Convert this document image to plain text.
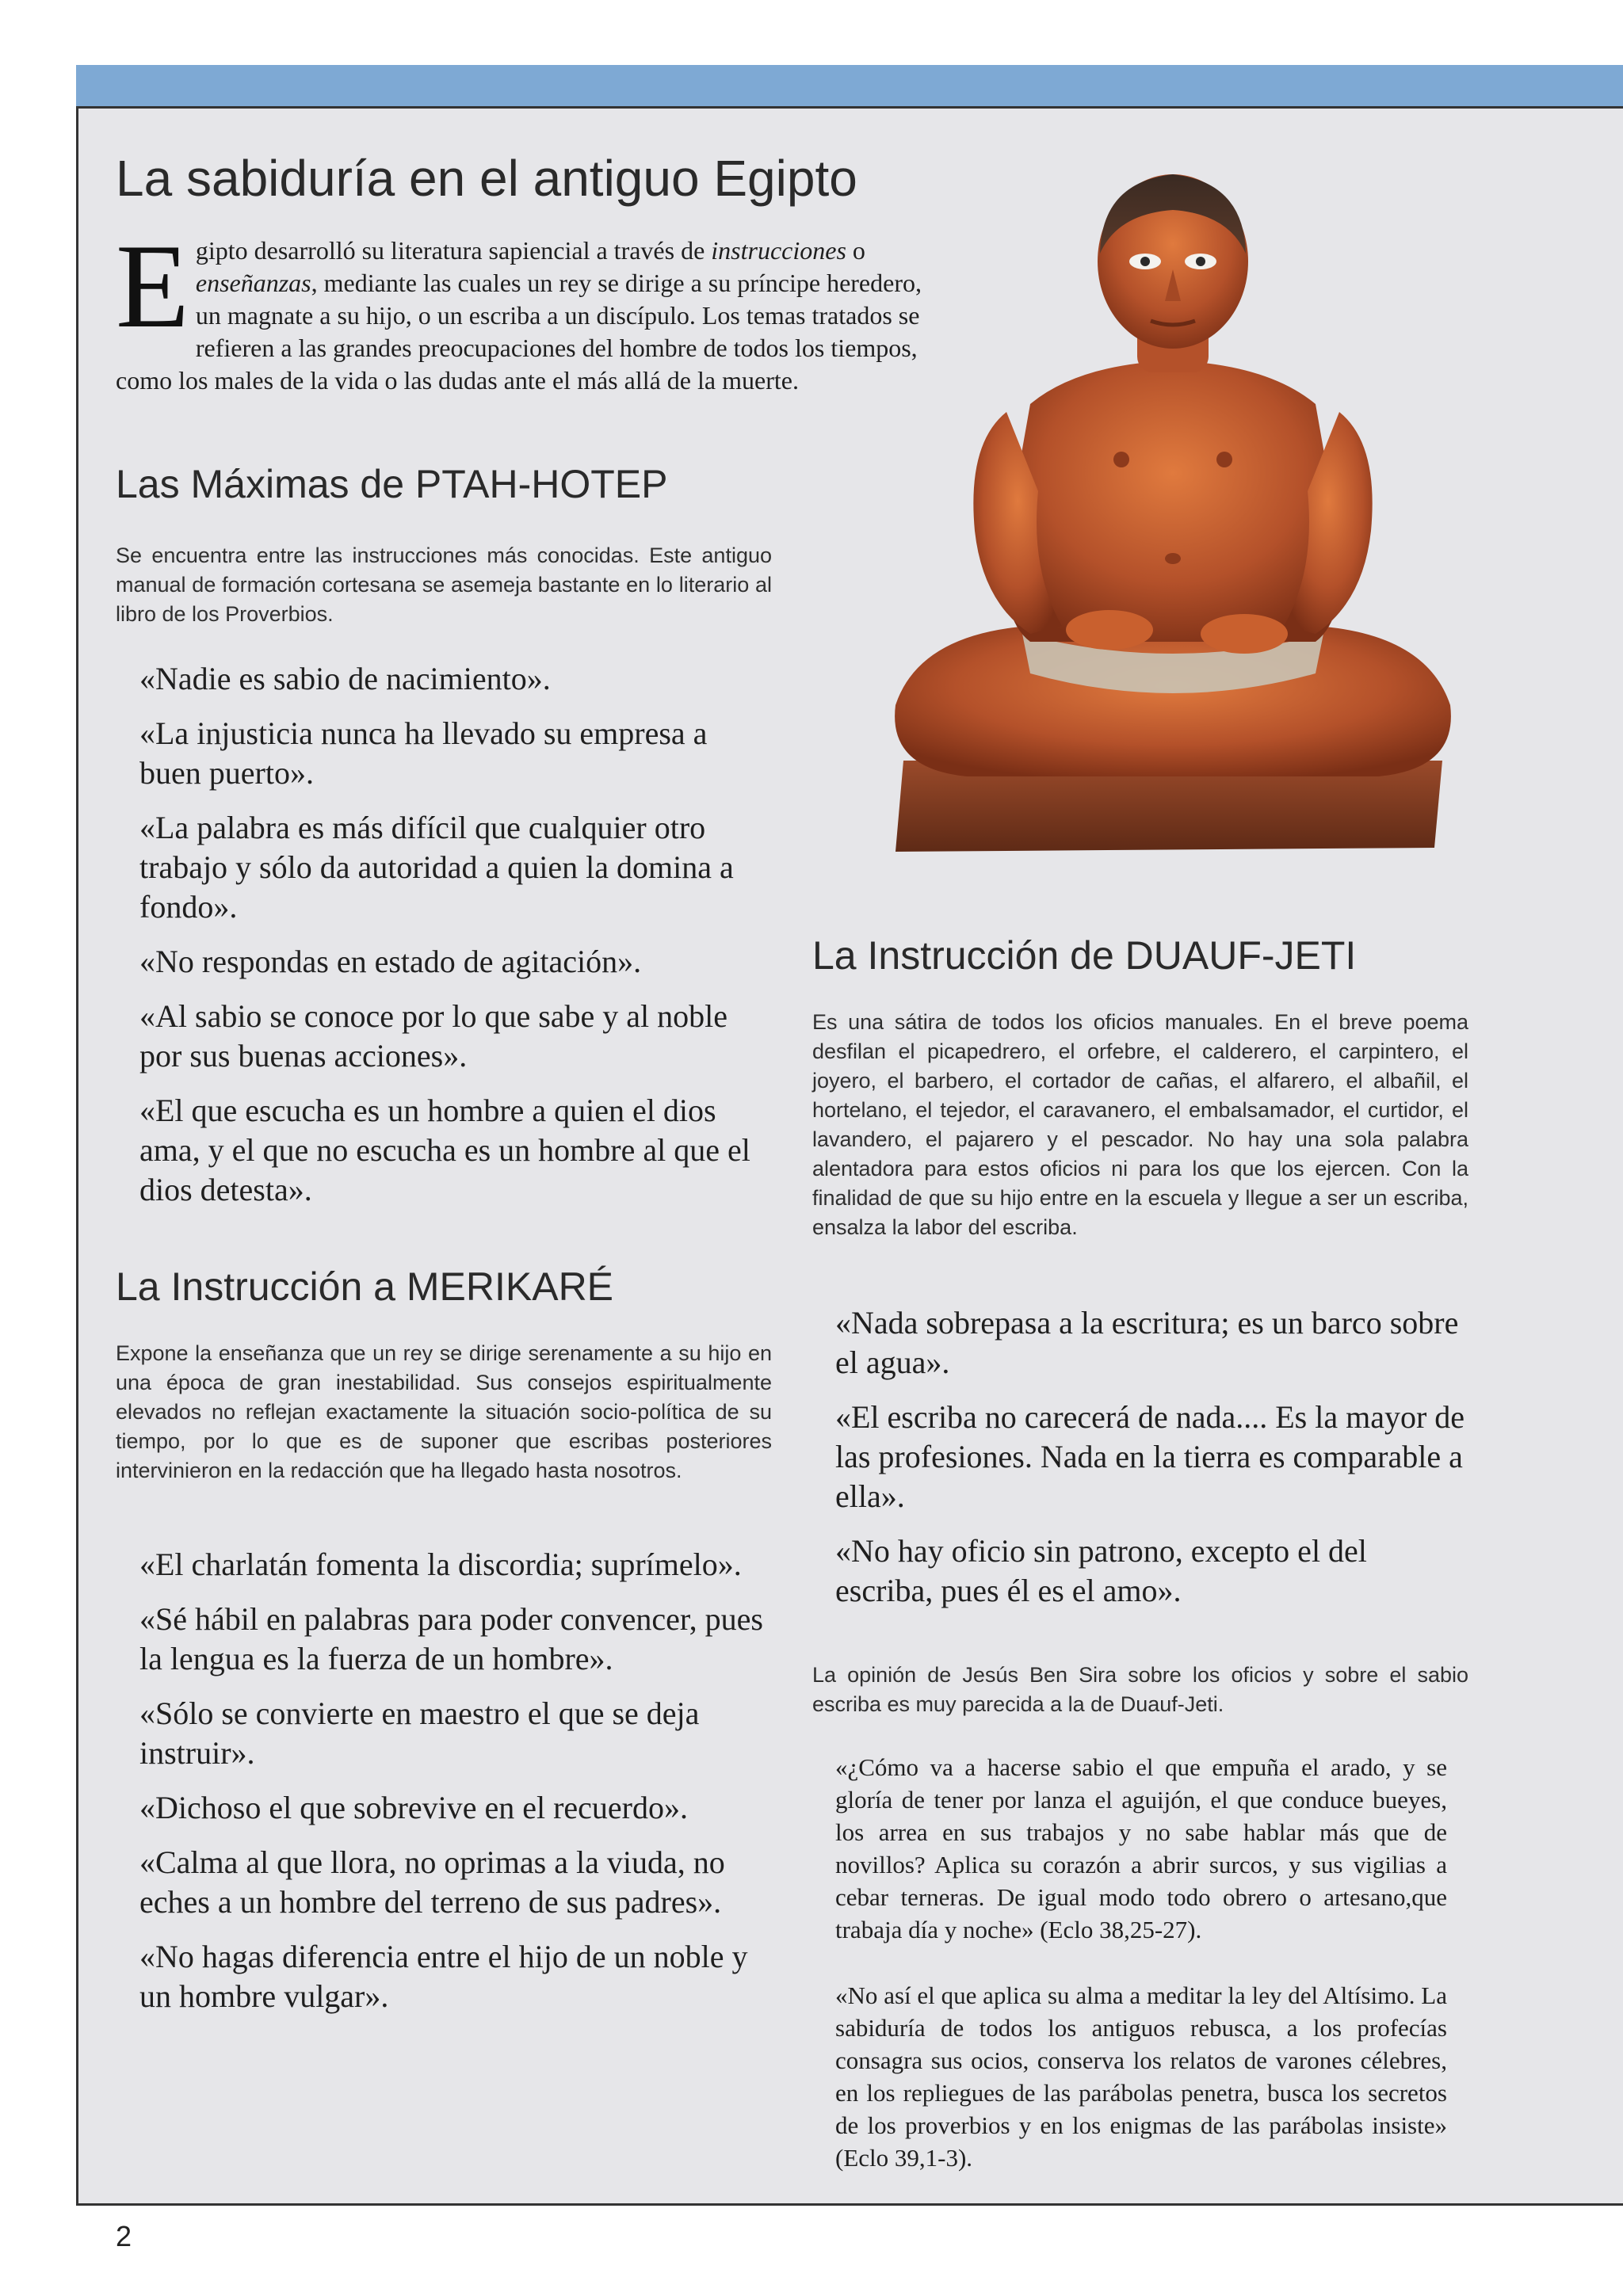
La sabiduría en el antiguo Egipto

Egipto desarrolló su literatura sapiencial a través de instrucciones o enseñanzas, mediante las cuales un rey se dirige a su príncipe heredero, un magnate a su hijo, o un escriba a un discípulo. Los temas tratados se refieren a las grandes preocupaciones del hombre de todos los tiempos, como los males de la vida o las dudas ante el más allá de la muerte.

Las Máximas de PTAH-HOTEP

Se encuentra entre las instrucciones más conocidas. Este antiguo manual de formación cortesana se asemeja bastante en lo literario al libro de los Proverbios.

«Nadie es sabio de nacimiento».
«La injusticia nunca ha llevado su empresa a buen puerto».
«La palabra es más difícil que cualquier otro trabajo y sólo da autoridad a quien la domina a fondo».
«No respondas en estado de agitación».
«Al sabio se conoce por lo que sabe y al noble por sus buenas acciones».
«El que escucha es un hombre a quien el dios ama, y el que no escucha es un hombre al que el dios detesta».
La Instrucción a MERIKARÉ

Expone la enseñanza que un rey se dirige serenamente a su hijo en una época de gran inestabilidad. Sus consejos espiritualmente elevados no reflejan exactamente la situación socio-política de su tiempo, por lo que es de suponer que escribas posteriores intervinieron en la redacción que ha llegado hasta nosotros.

«El charlatán fomenta la discordia; suprímelo».
«Sé hábil en palabras para poder convencer, pues la lengua es la fuerza de un hombre».
«Sólo se convierte en maestro el que se deja instruir».
«Dichoso el que sobrevive en el recuerdo».
«Calma al que llora, no oprimas a la viuda, no eches a un hombre del terreno de sus padres».
«No hagas diferencia entre el hijo de un noble y un hombre vulgar».
La Instrucción de DUAUF-JETI

Es una sátira de todos los oficios manuales. En el breve poema desfilan el picapedrero, el orfebre, el calderero, el carpintero, el joyero, el barbero, el cortador de cañas, el alfarero, el albañil, el hortelano, el tejedor, el caravanero, el embalsamador, el curtidor, el lavandero, el pajarero y el pescador. No hay una sola palabra alentadora para estos oficios ni para los que los ejercen. Con la finalidad de que su hijo entre en la escuela y llegue a ser un escriba, ensalza la labor del escriba.

«Nada sobrepasa a la escritura; es un barco sobre el agua».
«El escriba no carecerá de nada.... Es la mayor de las profesiones. Nada en la tierra es comparable a ella».
«No hay oficio sin patrono, excepto el del escriba, pues él es el amo».

La opinión de Jesús Ben Sira sobre los oficios y sobre el sabio escriba es muy parecida a la de Duauf-Jeti.

«¿Cómo va a hacerse sabio el que empuña el arado, y se gloría de tener por lanza el aguijón, el que conduce bueyes, los arrea en sus trabajos y no sabe hablar más que de novillos? Aplica su corazón a abrir surcos, y sus vigilias a cebar terneras. De igual modo todo obrero o artesano,que trabaja día y noche» (Eclo 38,25-27).

«No así el que aplica su alma a meditar la ley del Altísimo. La sabiduría de todos los antiguos rebusca, a los profecías consagra sus ocios, conserva los relatos de varones célebres, en los repliegues de las parábolas penetra, busca los secretos de los proverbios y en los enigmas de las parábolas insiste» (Eclo 39,1-3).

2
